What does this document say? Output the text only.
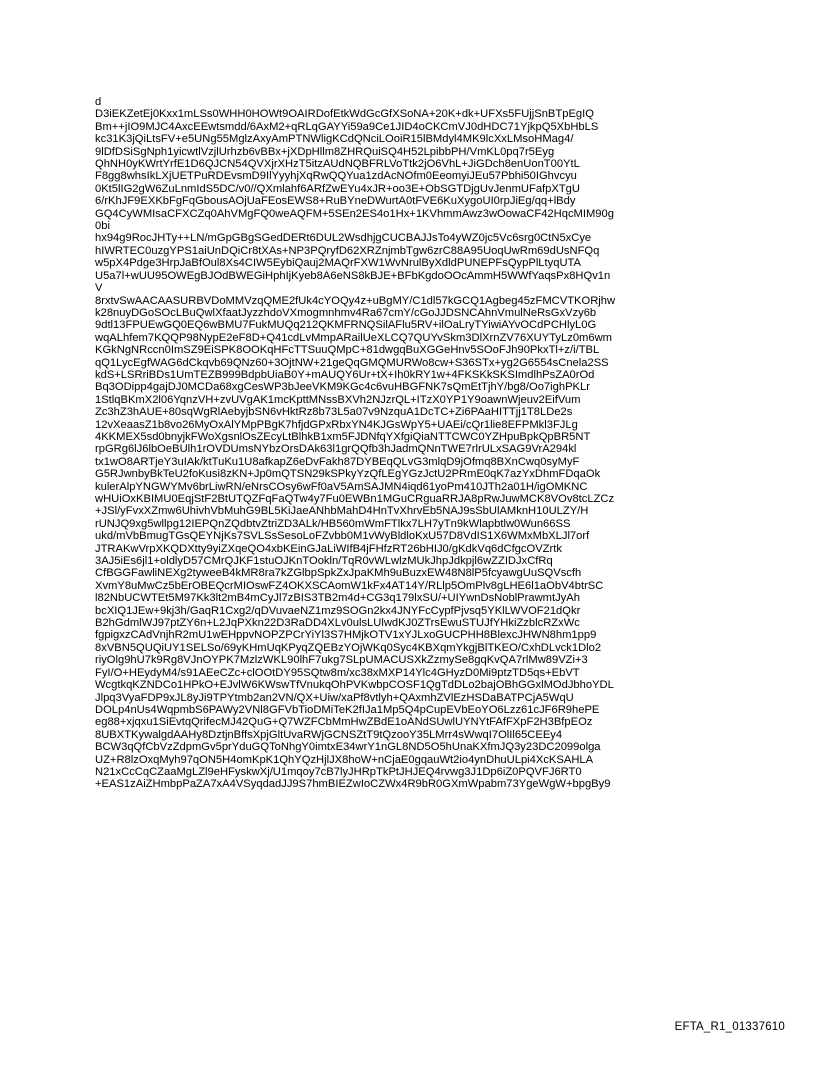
d
D3iEKZetEj0Kxx1mLSs0WHH0HOWt9OAIRDofEtkWdGcGfXSoNA+20K+dk+UFXs5FUjjSnBTpEgIQ
Bm++jIO9MJC4AxcEEwtsmdd/6AxM2+qRLqGAYYi59a9Ce1JID4oCKCmVJ0dHDC71YjkpQ5XbHbLS
kc31K3jQiLtsFV+e5UNg55MglzAxyAmPTNWligKCdQNciLOoiR15lBMdyl4MK9lcXxLMsoHMag4/
9lDfDSiSgNph1yicwtlVzjlUrhzb6vBBx+jXDpHllm8ZHRQuiSQ4H52LpibbPH/VmKL0pq7r5Eyg
QhNH0yKWrtYrfE1D6QJCN54QVXjrXHzT5itzAUdNQBFRLVoTtk2jO6VhL+JiGDch8enUonT00YtL
F8gg8whsIkLXjUETPuRDEvsmD9IlYyyhjXqRwQQYua1zdAcNOfm0EeomyiJEu57Pbhi50IGhvcyu
0Kt5lIG2gW6ZuLnmIdS5DC/v0//QXmlahf6ARfZwEYu4xJR+oo3E+ObSGTDjgUvJenmUFafpXTgU
6/rKhJF9EXKbFgFqGbousAOjUaFEosEWS8+RuBYneDWurtA0tFVE6KuXygoUI0rpJiEg/qq+lBdy
GQ4CyWMIsaCFXCZq0AhVMgFQ0weAQFM+5SEn2ES4o1Hx+1KVhmmAwz3wOowaCF42HqcMIM90g
0bi
hx94g9RocJHTy++LN/mGpGBgSGedDERt6DUL2WsdhjgCUCBAJJsTo4yWZ0jc5Vc6srg0CtN5xCye
hIWRTEC0uzgYPS1aiUnDQiCr8tXAs+NP3PQryfD62XRZnjmbTgw6zrC88A95UoqUwRm69dUsNFQq
w5pX4Pdge3HrpJaBfOul8Xs4CIW5EybiQauj2MAQrFXW1WvNrulByXdldPUNEPFsQypPlLtyqUTA
U5a7l+wUU95OWEgBJOdBWEGiHphIjKyeb8A6eNS8kBJE+BFbKgdoOOcAmmH5WWfYaqsPx8HQv1n
V
8rxtvSwAACAASURBVDoMMVzqQME2fUk4cYOQy4z+uBgMY/C1dl57kGCQ1Agbeg45zFMCVTKORjhw
k28nuyDGoSOcLBuQwlXfaatJyzzhdoVXmogmnhmv4Ra67cmY/cGoJJDSNCAhnVmulNeRsGxVzy6b
9dtl13FPUEwGQ0EQ6wBMU7FukMUQq212QKMFRNQSilAFlu5RV+ilOaLryTYiwiAYvOCdPCHlyL0G
wqALhfem7KQQP98NypE2eF8D+Q41cdLvMmpARailUeXLCQ7QUYvSkm3DlXrnZV76XUYTyLz0m6wm
KGkNgNRccn0ImSZ9EiSPK8OOKqHFcTTSuuQMpC+81dwgqBuXGGeHnv5SOoFJh90PkxTl+z/i/TBL
qQ1LycEgfWAG6dCkqvb69QNz60+3OjtNW+21geQqGMQMURWo8cw+S36STx+yg2G6554sCnela2SS
kdS+LSRriBDs1UmTEZB999BdpbUiaB0Y+mAUQY6Ur+tX+Ih0kRY1w+4FKSKkSKSImdlhPsZA0rOd
Bq3ODipp4gajDJ0MCDa68xgCesWP3bJeeVKM9KGc4c6vuHBGFNK7sQmEtTjhY/bg8/Oo7ighPKLr
1StlqBKmX2l06YqnzVH+zvUVgAK1mcKpttMNssBXVh2NJzrQL+ITzX0YP1Y9oawnWjeuv2EifVum
Zc3hZ3hAUE+80sqWgRlAebyjbSN6vHktRz8b73L5a07v9NzquA1DcTC+Zi6PAaHITTjj1T8LDe2s
12vXeaasZ1b8vo26MyOxAlYMpPBgK7hfjdGPxRbxYN4KJGsWpY5+UAEi/cQr1lie8EFPMkl3FJLg
4KKMEX5sd0bnyjkFWoXgsnlOsZEcyLtBlhkB1xm5FJDNfqYXfgiQiaNTTCWC0YZHpuBpkQpBR5NT
rpGRg6lJ6lbOeBUlh1rOVDUmsNYbzOrsDAk63l1grQQfb3hJadmQNnTWE7rlrULxSAG9VrA294kl
tx1wO8ARTjeY3uIAk/ktTuKu1U8afkapZ6eDvFakh87DYBEqQLvG3mlqD9jOfmq8BXnCwq0syMyF
G5RJwnbyBkTeU2foKusi8zKN+Jp0mQTSN29kSPkyYzQfLEgYGzJctU2PRmE0qK7azYxDhmFDqaOk
kulerAlpYNGWYMv6brLiwRN/eNrsCOsy6wFf0aV5AmSAJMN4iqd61yoPm410JTh2a01H/igOMKNC
wHUiOxKBIMU0EqjStF2BtUTQZFqFaQTw4y7Fu0EWBn1MGuCRguaRRJA8pRwJuwMCK8VOv8tcLZCz
+JSl/yFvxXZmw6UhivhVbMuhG9BL5KiJaeANhbMahD4HnTvXhrvEb5NAJ9sSbUlAMknH10ULZY/H
rUNJQ9xg5wllpg12IEPQnZQdbtvZtriZD3ALk/HB560mWmFTlkx7LH7yTn9kWlapbtlw0Wun66SS
ukd/mVbBmugTGsQEYNjKs7SVLSsSesoLoFZvbb0M1vWyBldloKxU57D8VdIS1X6WMxMbXLJl7orf
JTRAKwVrpXKQDXtty9yiZXqeQO4xbKEinGJaLiWIfB4jFHfzRT26bHIJ0/gKdkVq6dCfgcOVZrtk
3AJ5iEs6jl1+oldlyD57CMrQJKF1stuOJKnTOokln/TqR0vWLwlzMUkJhpJdkpjl6wZZIDJxCfRq
CfBGGFawliNEXg2tyweeB4kMR8ra7kZGlbpSpkZxJpaKMh9uBuzxEW48N8lP5fcyawgUuSQVscfh
XvmY8uMwCz5bErOBEQcrMIOswFZ4OKXSCAomW1kFx4AT14Y/RLlp5OmPlv8gLHE6l1aObV4btrSC
l82NbUCWTEt5M97Kk3lt2mB4mCyJl7zBIS3TB2m4d+CG3q179lxSU/+UIYwnDsNoblPrawmtJyAh
bcXIQ1JEw+9kj3h/GaqR1Cxg2/qDVuvaeNZ1mz9SOGn2kx4JNYFcCypfPjvsq5YKlLWVOF21dQkr
B2hGdmlWJ97ptZY6n+L2JqPXkn22D3RaDD4XLv0ulsLUlwdKJ0ZTrsEwuSTUJfYHkiZzblcRZxWc
fgpigxzCAdVnjhR2mU1wEHppvNOPZPCrYiYl3S7HMjkOTV1xYJLxoGUCPHH8BlexcJHWN8hm1pp9
8xVBN5QUQiUY1SELSo/69yKHmUqKPyqZQEBzYOjWKq0Syc4KBXqmYkgjBlTKEO/CxhDLvck1Dlo2
riyOlg9hU7k9Rg8VJnOYPK7MzlzWKL90lhF7ukg7SLpUMACUSXkZzmySe8gqKvQA7rlMw89VZi+3
FyI/O+HEydyM4/s91AEeCZc+clOOtDY95SQtw8m/xc38xMXP14Ylc4GHyzD0Mi9ptzTD5qs+EbVT
WcgtkqKZNDCo1HPkO+EJvlW6KWswTfVnukqOhPVKwbpCOSF1QgTdDLo2bajOBhGGxlMOdJbhoYDL
Jlpq3VyaFDP9xJL8yJi9TPYtmb2an2VN/QX+Uiw/xaPf8vtlyh+QAxmhZVlEzHSDaBATPCjA5WqU
DOLp4nUs4WqpmbS6PAWy2VNl8GFVbTioDMiTeK2fIJa1Mp5Q4pCupEVbEoYO6Lzz61cJF6R9hePE
eg88+xjqxu1SiEvtqQrifecMJ42QuG+Q7WZFCbMmHwZBdE1oANdSUwlUYNYtFAfFXpF2H3BfpEOz
8UBXTKywalgdAAHy8DztjnBffsXpjGltUvaRWjGCNSZtT9tQzooY35LMrr4sWwqI7OlIl65CEEy4
BCW3qQfCbVzZdpmGv5prYduGQToNhgY0imtxE34wrY1nGL8ND5O5hUnaKXfmJQ3y23DC2099olga
UZ+R8lzOxqMyh97qON5H4omKpK1QhYQzHjlJX8hoW+nCjaE0gqauWt2io4ynDhuULpi4XcKSAHLA
N21xCcCqCZaaMgLZl9eHFyskwXj/U1mqoy7cB7lyJHRpTkPtJHJEQ4rvwg3J1Dp6iZ0PQVFJ6RT0
+EAS1zAiZHmbpPaZA7xA4VSyqdadJJ9S7hmBIEZwIoCZWx4R9bR0GXmWpabm73YgeWgW+bpgBy9
EFTA_R1_01337610
